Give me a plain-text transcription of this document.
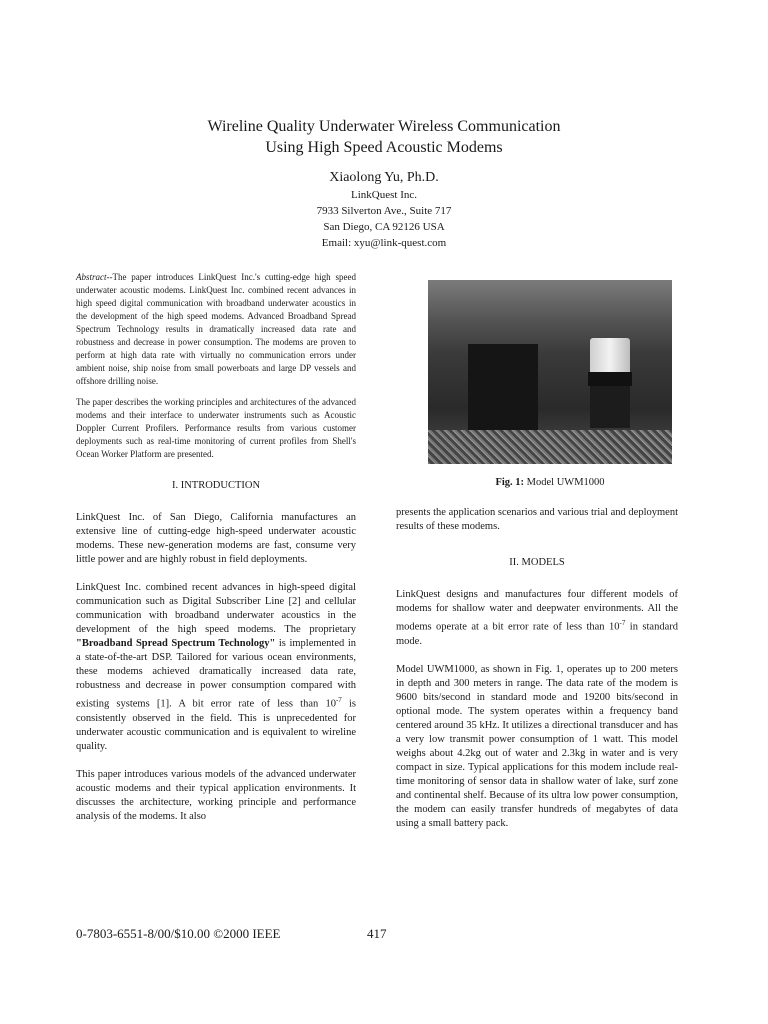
Wireline Quality Underwater Wireless Communication
Using High Speed Acoustic Modems
Xiaolong Yu, Ph.D.
LinkQuest Inc.
7933 Silverton Ave., Suite 717
San Diego, CA 92126 USA
Email: xyu@link-quest.com

Abstract--The paper introduces LinkQuest Inc.'s cutting-edge high speed underwater acoustic modems. LinkQuest Inc. combined recent advances in high speed digital communication with broadband underwater acoustics in the development of the high speed modems. Advanced Broadband Spread Spectrum Technology results in dramatically increased data rate and robustness and decrease in power consumption. The modems are proven to perform at high data rate with virtually no communication errors under ambient noise, ship noise from small powerboats and large DP vessels and offshore drilling noise.

The paper describes the working principles and architectures of the advanced modems and their interface to underwater instruments such as Acoustic Doppler Current Profilers. Performance results from various customer deployments such as real-time monitoring of current profiles from Shell's Ocean Worker Platform are presented.

I. INTRODUCTION

LinkQuest Inc. of San Diego, California manufactures an extensive line of cutting-edge high-speed underwater acoustic modems. These new-generation modems are fast, consume very little power and are highly robust in field deployments.

LinkQuest Inc. combined recent advances in high-speed digital communication such as Digital Subscriber Line [2] and cellular communication with broadband underwater acoustics in the development of the high speed modems. The proprietary "Broadband Spread Spectrum Technology" is implemented in a state-of-the-art DSP. Tailored for various ocean environments, these modems achieved dramatically increased data rate, robustness and decrease in power consumption compared with existing systems [1]. A bit error rate of less than $10^{-7}$ is consistently observed in the field. This is unprecedented for underwater acoustic communication and is equivalent to wireline quality.

This paper introduces various models of the advanced underwater acoustic modems and their typical application environments. It discusses the architecture, working principle and performance analysis of the modems. It also

Fig. 1: Model UWM1000

presents the application scenarios and various trial and deployment results of these modems.

II. MODELS

LinkQuest designs and manufactures four different models of modems for shallow water and deepwater environments. All the modems operate at a bit error rate of less than $10^{-7}$ in standard mode.

Model UWM1000, as shown in Fig. 1, operates up to 200 meters in depth and 300 meters in range. The data rate of the modem is 9600 bits/second in standard mode and 19200 bits/second in optional mode. The system operates within a frequency band centered around 35 kHz. It utilizes a directional transducer and has a very low transmit power consumption of 1 watt. This model weighs about 4.2kg out of water and 2.3kg in water and is very compact in size. Typical applications for this modem include real-time monitoring of sensor data in shallow water of lake, surf zone and continental shelf. Because of its ultra low power consumption, the modem can easily transfer hundreds of megabytes of data using a small battery pack.

0-7803-6551-8/00/$10.00 ©2000 IEEE	417
